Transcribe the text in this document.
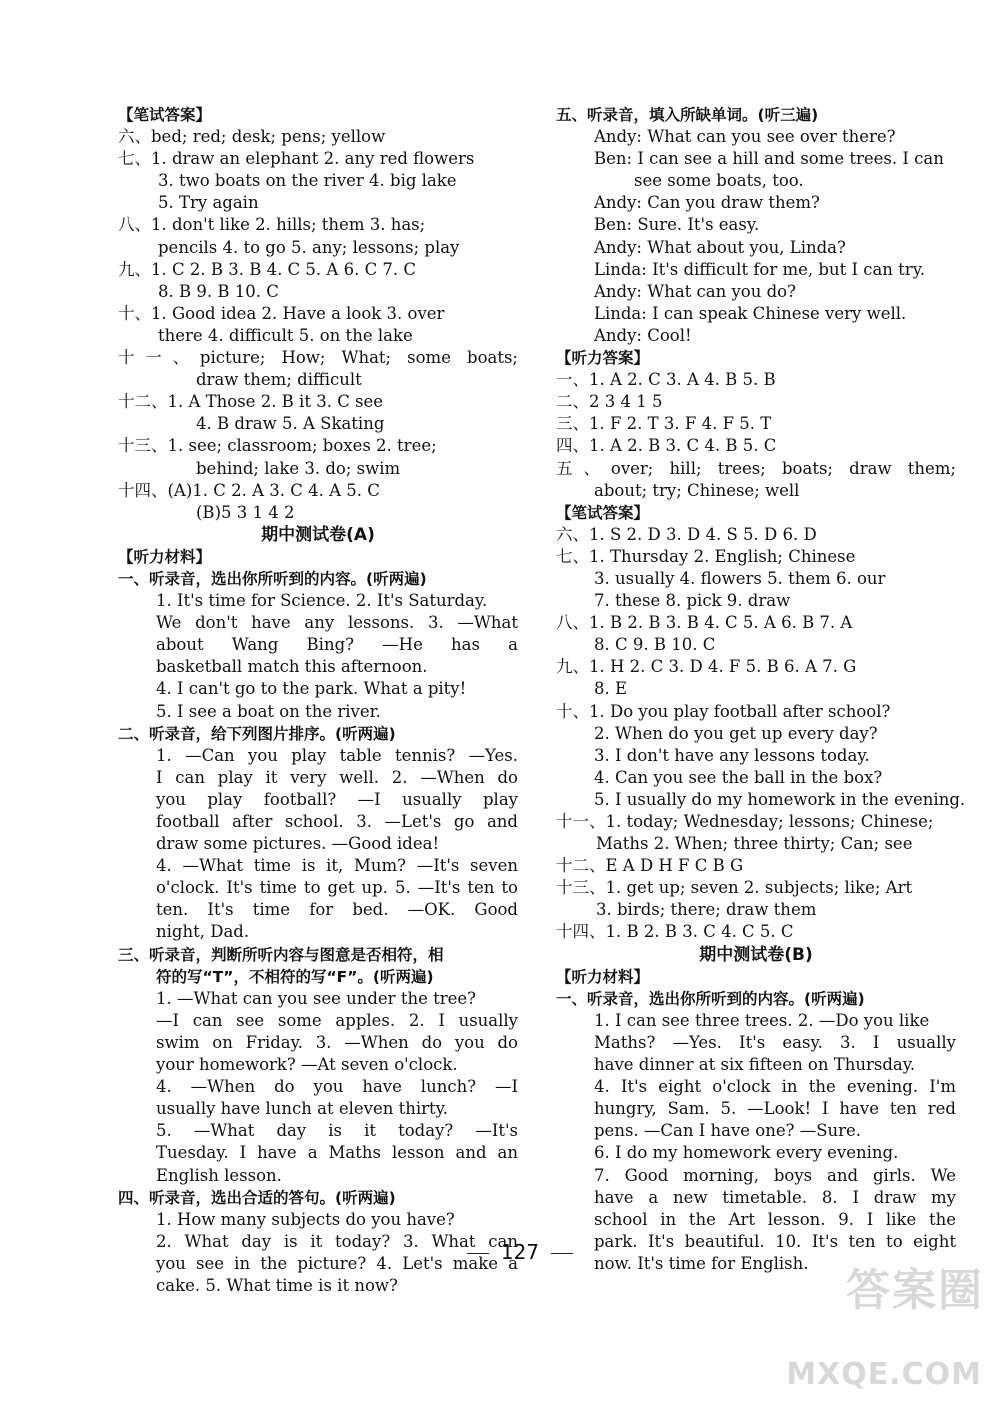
【笔试答案】
六、bed; red; desk; pens; yellow
七、1. draw an elephant 2. any red flowers
3. two boats on the river 4. big lake
5. Try again
八、1. don't like 2. hills; them 3. has;
pencils 4. to go 5. any; lessons; play
九、1. C 2. B 3. B 4. C 5. A 6. C 7. C
8. B 9. B 10. C
十、1. Good idea 2. Have a look 3. over
there 4. difficult 5. on the lake
十一、picture; How; What; some boats;
draw them; difficult
十二、1. A Those 2. B it 3. C see
4. B draw 5. A Skating
十三、1. see; classroom; boxes 2. tree;
behind; lake 3. do; swim
十四、(A)1. C 2. A 3. C 4. A 5. C
(B)5 3 1 4 2
期中测试卷(A)
【听力材料】
一、听录音，选出你所听到的内容。(听两遍)
1. It's time for Science. 2. It's Saturday.
We don't have any lessons. 3. —What
about Wang Bing? —He has a
basketball match this afternoon.
4. I can't go to the park. What a pity!
5. I see a boat on the river.
二、听录音，给下列图片排序。(听两遍)
1. —Can you play table tennis? —Yes.
I can play it very well. 2. —When do
you play football? —I usually play
football after school. 3. —Let's go and
draw some pictures. —Good idea!
4. —What time is it, Mum? —It's seven
o'clock. It's time to get up. 5. —It's ten to
ten. It's time for bed. —OK. Good
night, Dad.
三、听录音，判断所听内容与图意是否相符，相
符的写“T”，不相符的写“F”。(听两遍)
1. —What can you see under the tree?
—I can see some apples. 2. I usually
swim on Friday. 3. —When do you do
your homework? —At seven o'clock.
4. —When do you have lunch? —I
usually have lunch at eleven thirty.
5. —What day is it today? —It's
Tuesday. I have a Maths lesson and an
English lesson.
四、听录音，选出合适的答句。(听两遍)
1. How many subjects do you have?
2. What day is it today? 3. What can
you see in the picture? 4. Let's make a
cake. 5. What time is it now?
五、听录音，填入所缺单词。(听三遍)
Andy: What can you see over there?
Ben: I can see a hill and some trees. I can
see some boats, too.
Andy: Can you draw them?
Ben: Sure. It's easy.
Andy: What about you, Linda?
Linda: It's difficult for me, but I can try.
Andy: What can you do?
Linda: I can speak Chinese very well.
Andy: Cool!
【听力答案】
一、1. A 2. C 3. A 4. B 5. B
二、2 3 4 1 5
三、1. F 2. T 3. F 4. F 5. T
四、1. A 2. B 3. C 4. B 5. C
五、over; hill; trees; boats; draw them;
about; try; Chinese; well
【笔试答案】
六、1. S 2. D 3. D 4. S 5. D 6. D
七、1. Thursday 2. English; Chinese
3. usually 4. flowers 5. them 6. our
7. these 8. pick 9. draw
八、1. B 2. B 3. B 4. C 5. A 6. B 7. A
8. C 9. B 10. C
九、1. H 2. C 3. D 4. F 5. B 6. A 7. G
8. E
十、1. Do you play football after school?
2. When do you get up every day?
3. I don't have any lessons today.
4. Can you see the ball in the box?
5. I usually do my homework in the evening.
十一、1. today; Wednesday; lessons; Chinese;
Maths 2. When; three thirty; Can; see
十二、E A D H F C B G
十三、1. get up; seven 2. subjects; like; Art
3. birds; there; draw them
十四、1. B 2. B 3. C 4. C 5. C
期中测试卷(B)
【听力材料】
一、听录音，选出你所听到的内容。(听两遍)
1. I can see three trees. 2. —Do you like
Maths? —Yes. It's easy. 3. I usually
have dinner at six fifteen on Thursday.
4. It's eight o'clock in the evening. I'm
hungry, Sam. 5. —Look! I have ten red
pens. —Can I have one? —Sure.
6. I do my homework every evening.
7. Good morning, boys and girls. We
have a new timetable. 8. I draw my
school in the Art lesson. 9. I like the
park. It's beautiful. 10. It's ten to eight
now. It's time for English.
127
答案圈
MXQE.COM
